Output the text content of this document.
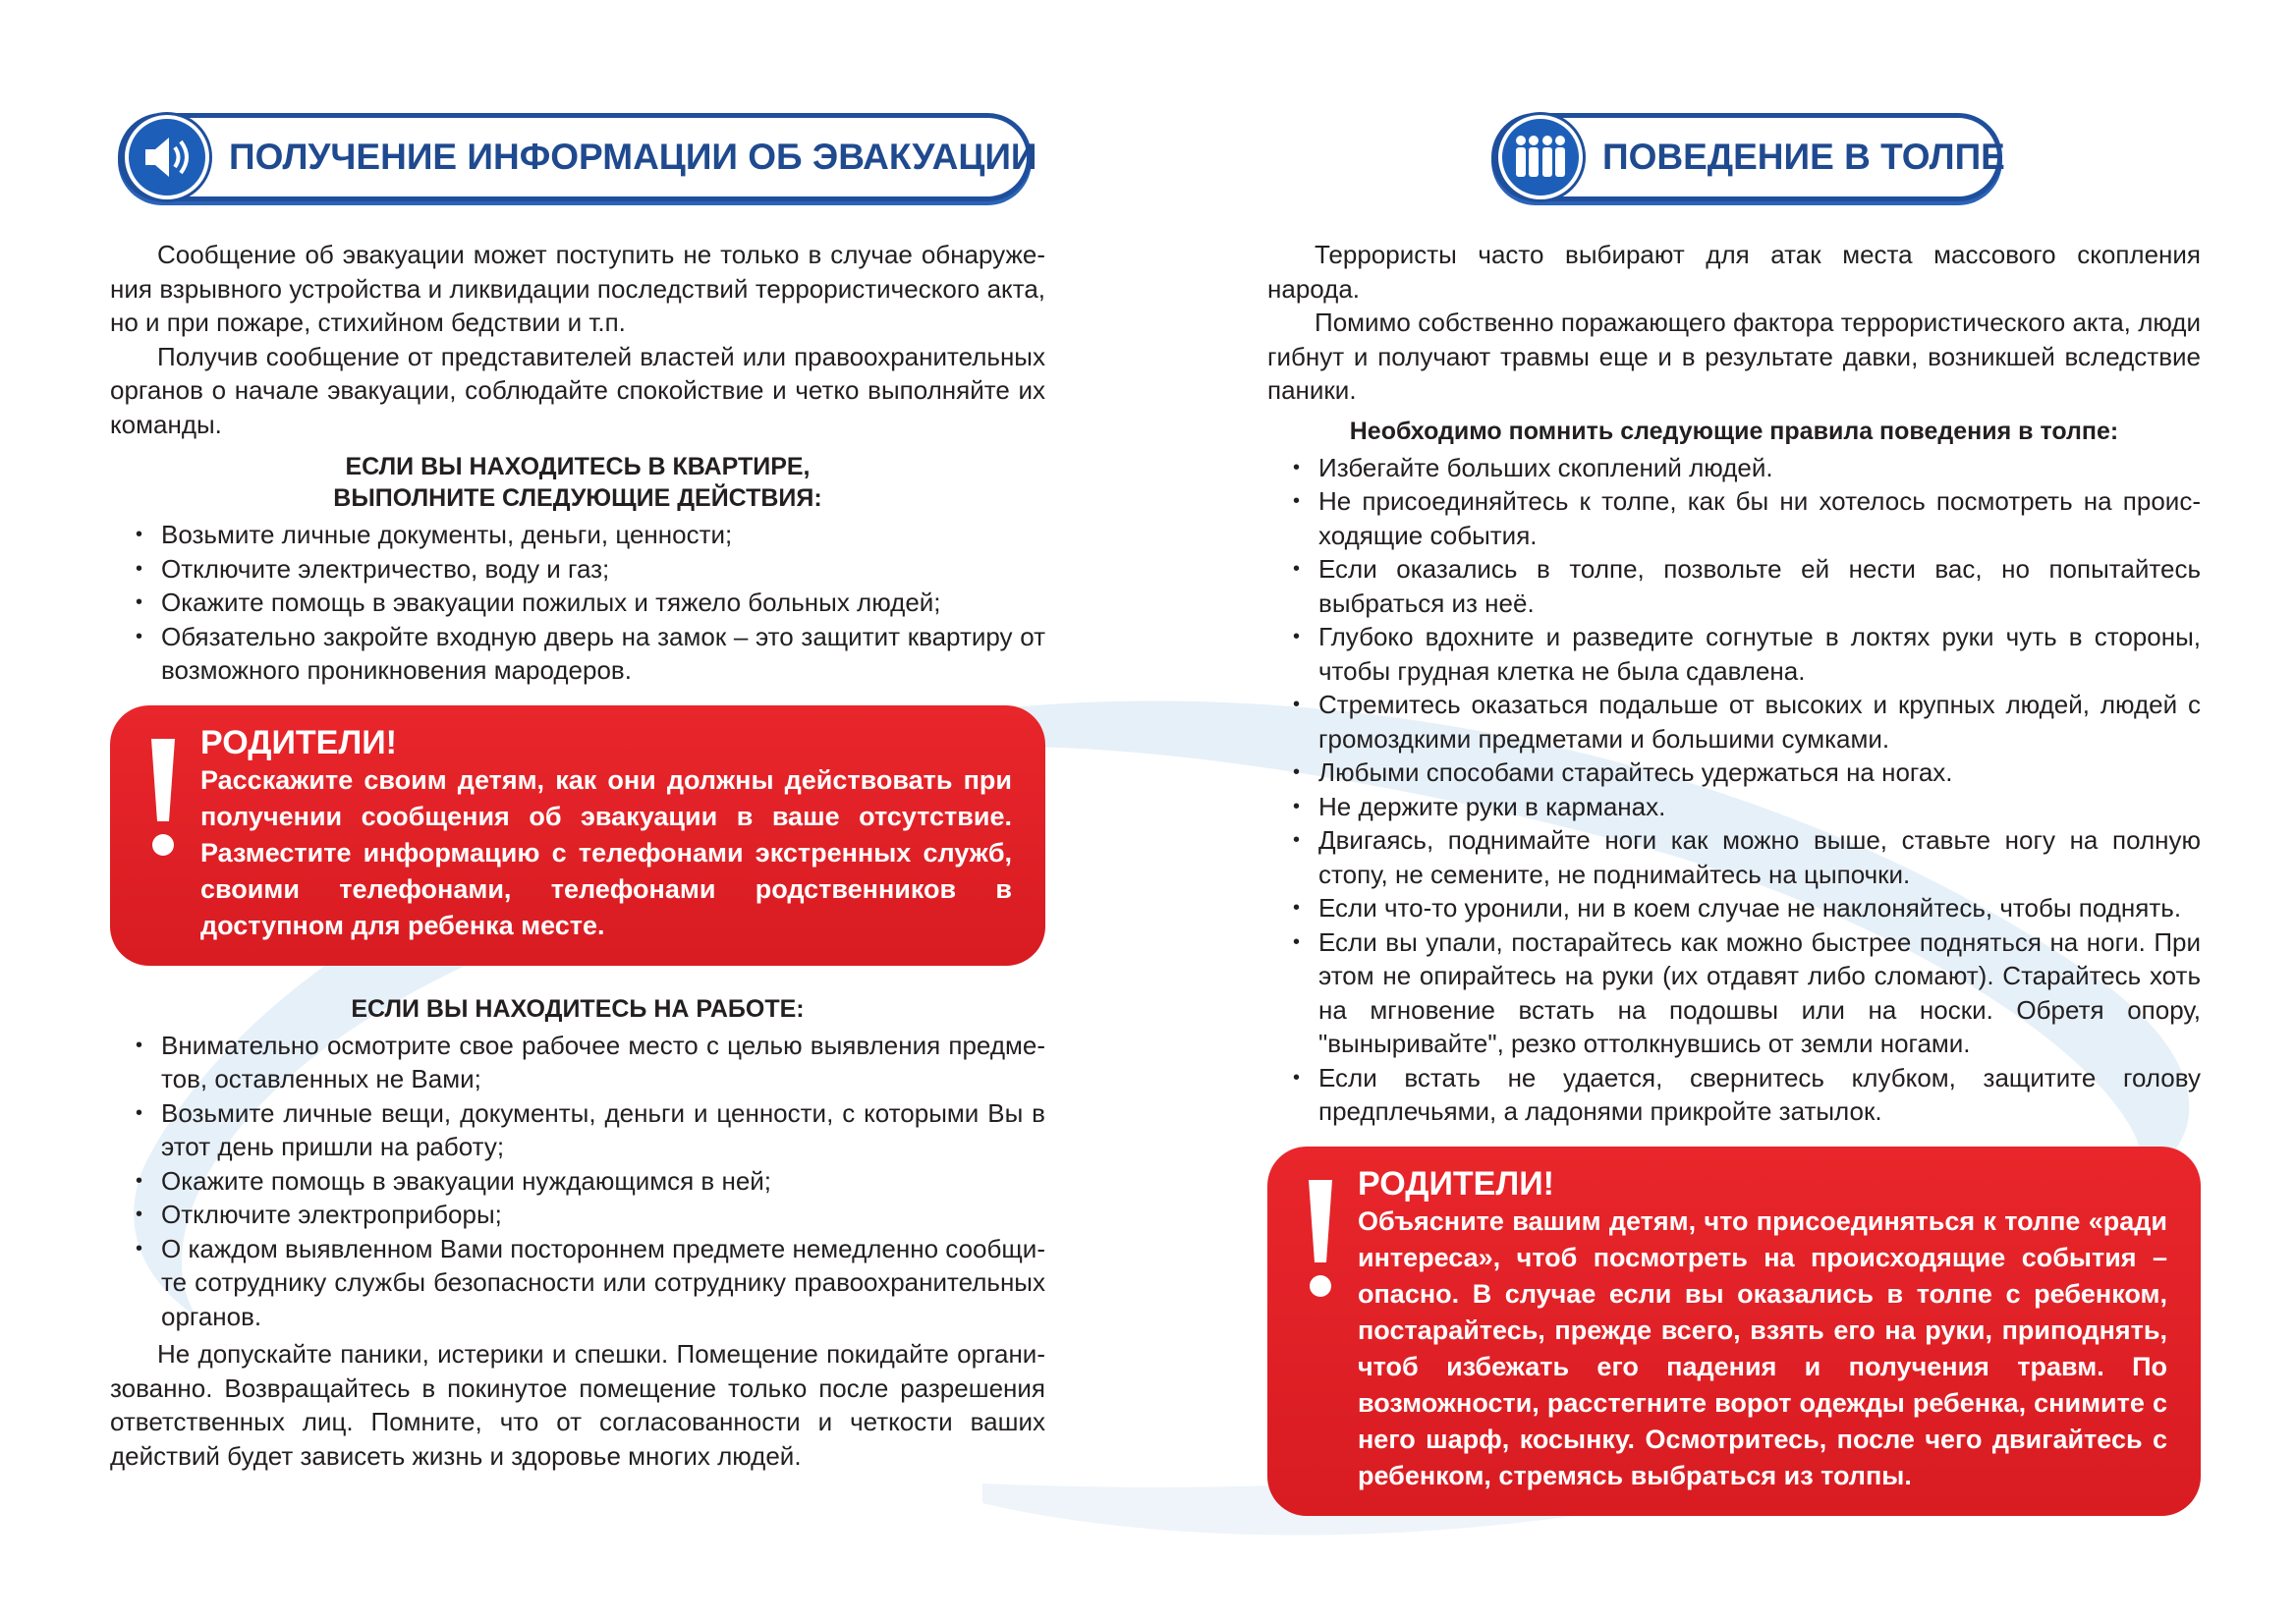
ПОЛУЧЕНИЕ ИНФОРМАЦИИ ОБ ЭВАКУАЦИИ

Сообщение об эвакуации может поступить не только в случае обнаружения взрывного устройства и ликвидации последствий террористического акта, но и при пожаре, стихийном бедствии и т.п.

Получив сообщение от представителей властей или правоохранительных органов о начале эвакуации, соблюдайте спокойствие и четко выполняйте их команды.

ЕСЛИ ВЫ НАХОДИТЕСЬ В КВАРТИРЕ,

ВЫПОЛНИТЕ СЛЕДУЮЩИЕ ДЕЙСТВИЯ:

• Возьмите личные документы, деньги, ценности;
• Отключите электричество, воду и газ;
• Окажите помощь в эвакуации пожилых и тяжело больных людей;
• Обязательно закройте входную дверь на замок – это защитит квартиру от возможного проникновения мародеров.

РОДИТЕЛИ!

Расскажите своим детям, как они должны действовать при получении сообщения об эвакуации в ваше отсутствие. Разместите информацию с телефонами экстренных служб, своими телефонами, телефонами родственников в доступном для ребенка месте.

ЕСЛИ ВЫ НАХОДИТЕСЬ НА РАБОТЕ:

• Внимательно осмотрите свое рабочее место с целью выявления предметов, оставленных не Вами;
• Возьмите личные вещи, документы, деньги и ценности, с которыми Вы в этот день пришли на работу;
• Окажите помощь в эвакуации нуждающимся в ней;
• Отключите электроприборы;
• О каждом выявленном Вами постороннем предмете немедленно сообщите сотруднику службы безопасности или сотруднику правоохранительных органов.

Не допускайте паники, истерики и спешки. Помещение покидайте организованно. Возвращайтесь в покинутое помещение только после разрешения ответственных лиц. Помните, что от согласованности и четкости ваших действий будет зависеть жизнь и здоровье многих людей.

ПОВЕДЕНИЕ В ТОЛПЕ

Террористы часто выбирают для атак места массового скопления народа.

Помимо собственно поражающего фактора террористического акта, люди гибнут и получают травмы еще и в результате давки, возникшей вследствие паники.

Необходимо помнить следующие правила поведения в толпе:

• Избегайте больших скоплений людей.
• Не присоединяйтесь к толпе, как бы ни хотелось посмотреть на происходящие события.
• Если оказались в толпе, позвольте ей нести вас, но попытайтесь выбраться из неё.
• Глубоко вдохните и разведите согнутые в локтях руки чуть в стороны, чтобы грудная клетка не была сдавлена.
• Стремитесь оказаться подальше от высоких и крупных людей, людей с громоздкими предметами и большими сумками.
• Любыми способами старайтесь удержаться на ногах.
• Не держите руки в карманах.
• Двигаясь, поднимайте ноги как можно выше, ставьте ногу на полную стопу, не семените, не поднимайтесь на цыпочки.
• Если что-то уронили, ни в коем случае не наклоняйтесь, чтобы поднять.
• Если вы упали, постарайтесь как можно быстрее подняться на ноги. При этом не опирайтесь на руки (их отдавят либо сломают). Старайтесь хоть на мгновение встать на подошвы или на носки. Обретя опору, "выныривайте", резко оттолкнувшись от земли ногами.
• Если встать не удается, свернитесь клубком, защитите голову предплечьями, а ладонями прикройте затылок.

РОДИТЕЛИ!

Объясните вашим детям, что присоединяться к толпе «ради интереса», чтоб посмотреть на происходящие события – опасно. В случае если вы оказались в толпе с ребенком, постарайтесь, прежде всего, взять его на руки, приподнять, чтоб избежать его падения и получения травм. По возможности, расстегните ворот одежды ребенка, снимите с него шарф, косынку. Осмотритесь, после чего двигайтесь с ребенком, стремясь выбраться из толпы.
